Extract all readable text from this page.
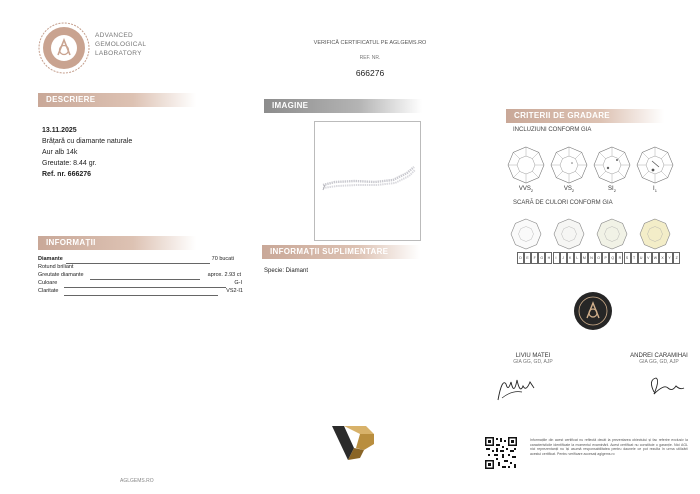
ADVANCED
GEMOLOGICAL
LABORATORY
VERIFICĂ CERTIFICATUL PE AGLGEMS.RO
REF. NR.
666276
DESCRIERE
13.11.2025
Brățară cu diamante naturale
Aur alb 14k
Greutate: 8.44 gr.
Ref. nr. 666276
IMAGINE
INFORMAȚII
Diamante	70 bucati
Rotund briliant
Greutate diamante	aprox. 2.93 ct
Culoare	G-I
Claritate	VS2-I1
INFORMAȚII SUPLIMENTARE
Specie: Diamant
CRITERII DE GRADARE
INCLUZIUNI CONFORM GIA
$VVS_2$	$VS_2$	$SI_2$	$I_1$
SCARĂ DE CULORI CONFORM GIA
D	E	F	G	H	I	J	K	L	M	N	O	P	Q	R	S	T	U	V	W	X	Y	Z
LIVIU MATEI
GIA GG, GD, AJP
ANDREI CARAMIHAI
GIA GG, GD, AJP
AGLGEMS.RO
Informațiile din acest certificat nu reflectă decât la prezentarea obiectului și fac referire exclusiv la caracteristicile identificate la momentul examinării. Acest certificat nu constituie o garanție. Nici AGL nici reprezentanții nu își asumă responsabilitatea pentru daunele ce pot rezulta în urma utilizării acestui certificat. Pentru verificare accesați aglgems.ro
